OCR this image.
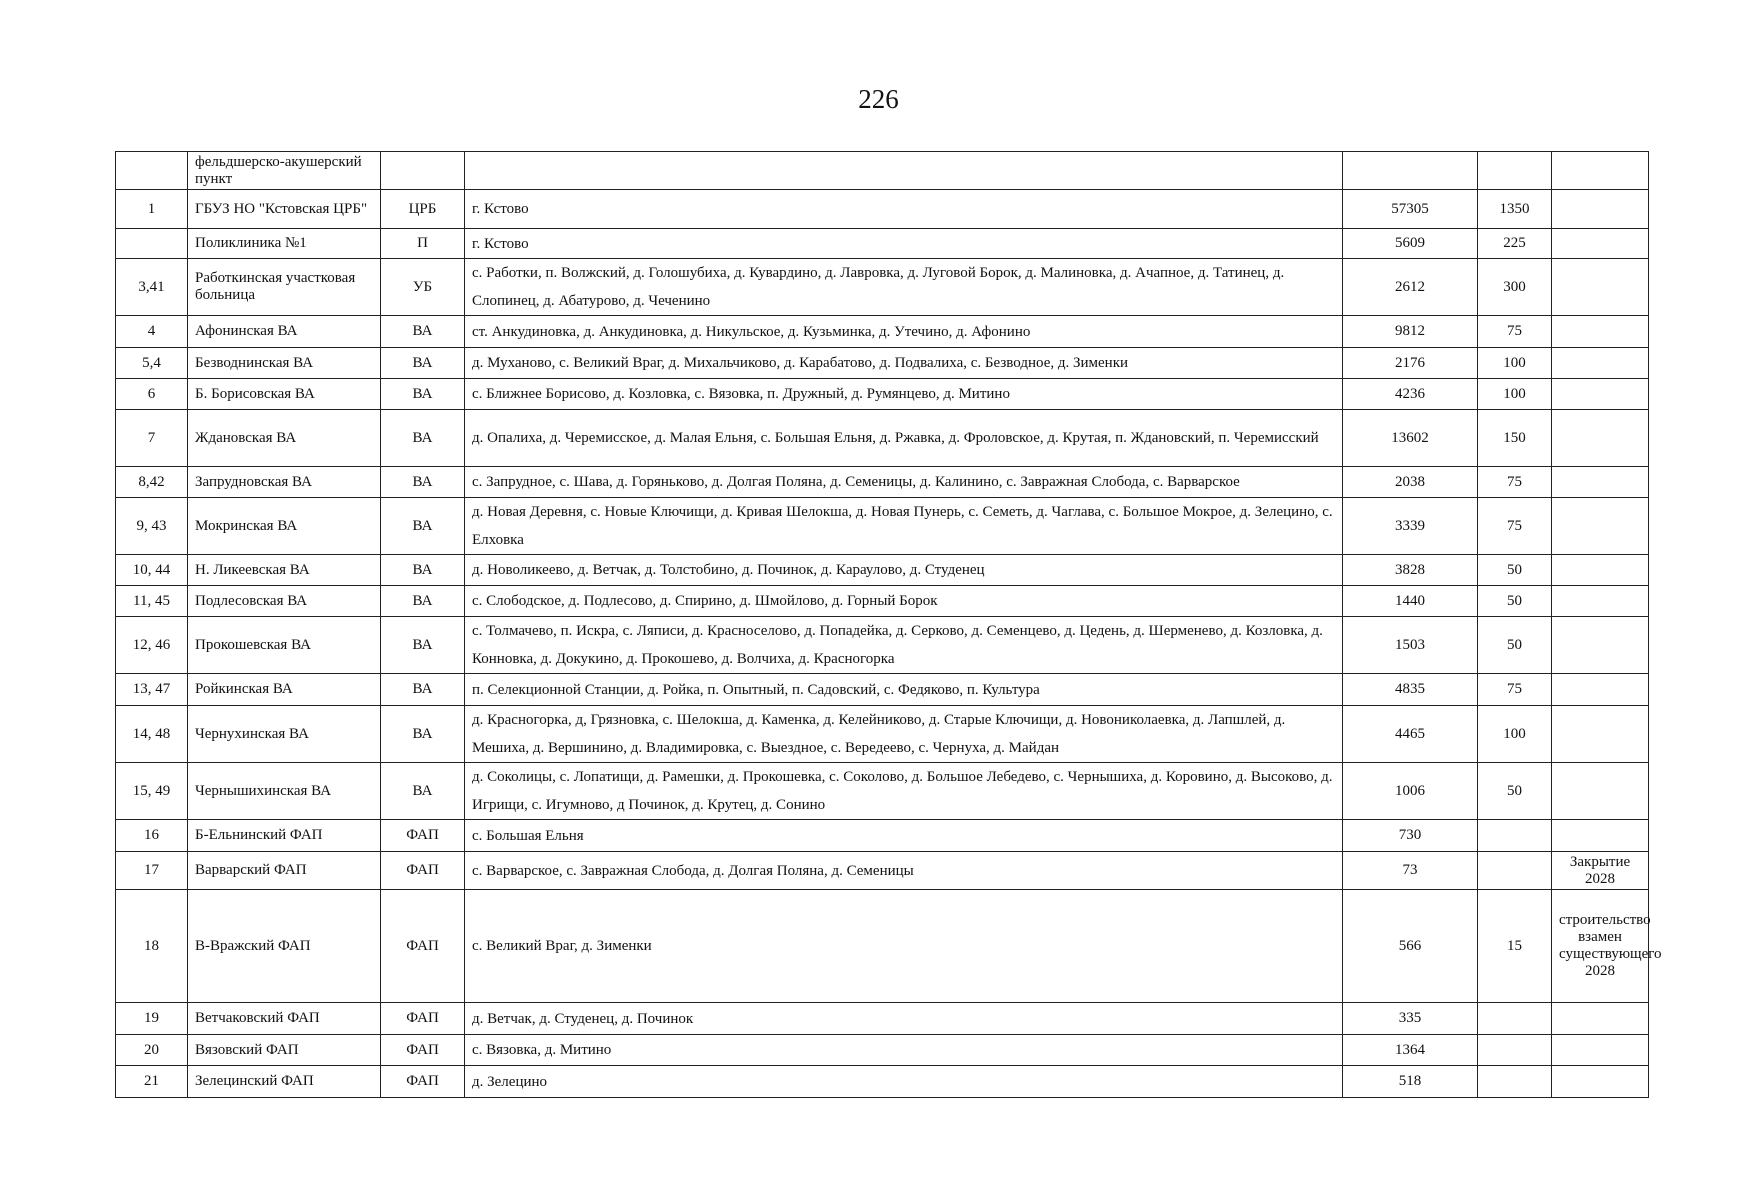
226
	фельдшерско-акушерский пункт					
1	ГБУЗ НО "Кстовская ЦРБ"	ЦРБ	г. Кстово	57305	1350	
	Поликлиника №1	П	г. Кстово	5609	225	
3,41	Работкинская участковая больница	УБ	с. Работки, п. Волжский, д. Голошубиха, д. Кувардино, д. Лавровка, д. Луговой Борок, д. Малиновка, д. Ачапное, д. Татинец, д. Слопинец, д. Абатурово, д. Чеченино	2612	300	
4	Афонинская ВА	ВА	ст. Анкудиновка, д. Анкудиновка, д. Никульское, д. Кузьминка, д. Утечино, д. Афонино	9812	75	
5,4	Безводнинская ВА	ВА	д. Муханово, с. Великий Враг, д. Михальчиково, д. Карабатово, д. Подвалиха, с. Безводное, д. Зименки	2176	100	
6	Б. Борисовская ВА	ВА	с. Ближнее Борисово, д. Козловка, с. Вязовка, п. Дружный, д. Румянцево, д. Митино	4236	100	
7	Ждановская ВА	ВА	д. Опалиха, д. Черемисское, д. Малая Ельня, с. Большая Ельня, д. Ржавка, д. Фроловское, д. Крутая, п. Ждановский, п. Черемисский	13602	150	
8,42	Запрудновская ВА	ВА	с. Запрудное, с. Шава, д. Горяньково, д. Долгая Поляна, д. Семеницы, д. Калинино, с. Завражная Слобода, с. Варварское	2038	75	
9, 43	Мокринская ВА	ВА	д. Новая Деревня, с. Новые Ключищи, д. Кривая Шелокша, д. Новая Пунерь, с. Семеть, д. Чаглава, с. Большое Мокрое, д. Зелецино, с. Елховка	3339	75	
10, 44	Н. Ликеевская ВА	ВА	д. Новоликеево, д. Ветчак, д. Толстобино, д. Починок, д. Караулово, д. Студенец	3828	50	
11, 45	Подлесовская ВА	ВА	с. Слободское, д. Подлесово, д. Спирино, д. Шмойлово, д. Горный Борок	1440	50	
12, 46	Прокошевская ВА	ВА	с. Толмачево, п. Искра, с. Ляписи, д. Красноселово, д. Попадейка, д. Серково, д. Семенцево, д. Цедень, д. Шерменево, д. Козловка, д. Конновка, д. Докукино, д. Прокошево, д. Волчиха, д. Красногорка	1503	50	
13, 47	Ройкинская ВА	ВА	п. Селекционной Станции, д. Ройка, п. Опытный, п. Садовский, с. Федяково, п. Культура	4835	75	
14, 48	Чернухинская ВА	ВА	д. Красногорка, д, Грязновка, с. Шелокша, д. Каменка, д. Келейниково, д. Старые Ключищи, д. Новониколаевка, д. Лапшлей, д. Мешиха, д. Вершинино, д. Владимировка, с. Выездное, с. Вередеево, с. Чернуха, д. Майдан	4465	100	
15, 49	Чернышихинская ВА	ВА	д. Соколицы, с. Лопатищи, д. Рамешки, д. Прокошевка, с. Соколово, д. Большое Лебедево, с. Чернышиха, д. Коровино, д. Высоково, д. Игрищи, с. Игумново, д Починок, д. Крутец, д. Сонино	1006	50	
16	Б-Ельнинский ФАП	ФАП	с. Большая Ельня	730		
17	Варварский ФАП	ФАП	с. Варварское, с. Завражная Слобода, д. Долгая Поляна, д. Семеницы	73		Закрытие 2028
18	В-Вражский ФАП	ФАП	с. Великий Враг, д. Зименки	566	15	строительство взамен существующего 2028
19	Ветчаковский ФАП	ФАП	д. Ветчак, д. Студенец, д. Починок	335		
20	Вязовский ФАП	ФАП	с. Вязовка, д. Митино	1364		
21	Зелецинский ФАП	ФАП	д. Зелецино	518		
